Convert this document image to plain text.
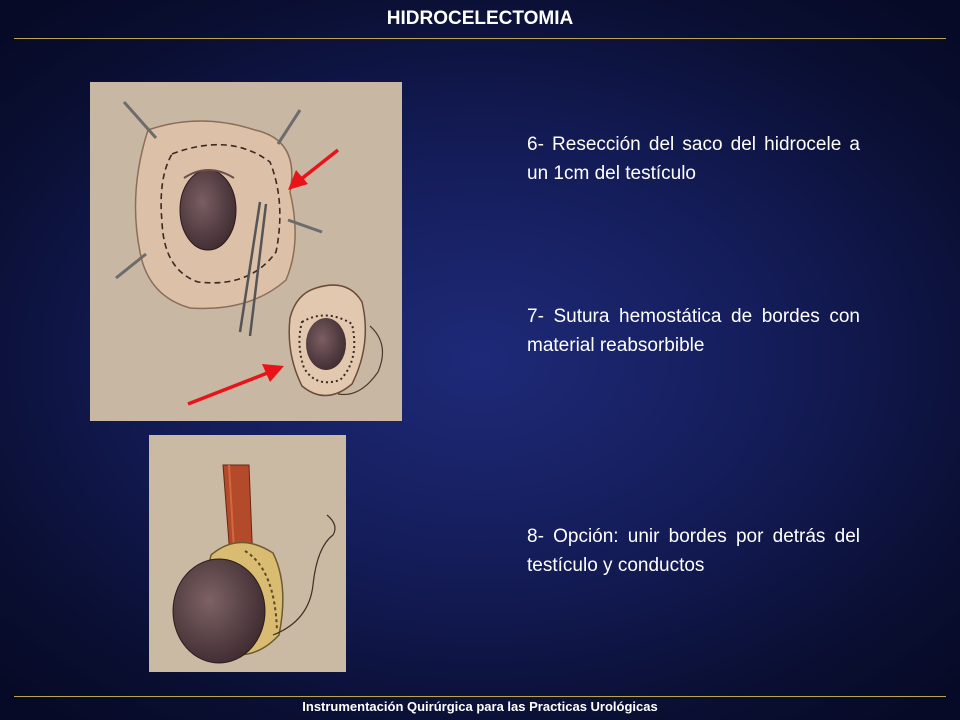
HIDROCELECTOMIA
6- Resección del saco del hidrocele a un 1cm del testículo
7- Sutura hemostática de bordes con material reabsorbible
8- Opción: unir bordes por detrás del testículo y conductos
Instrumentación Quirúrgica para las Practicas Urológicas
